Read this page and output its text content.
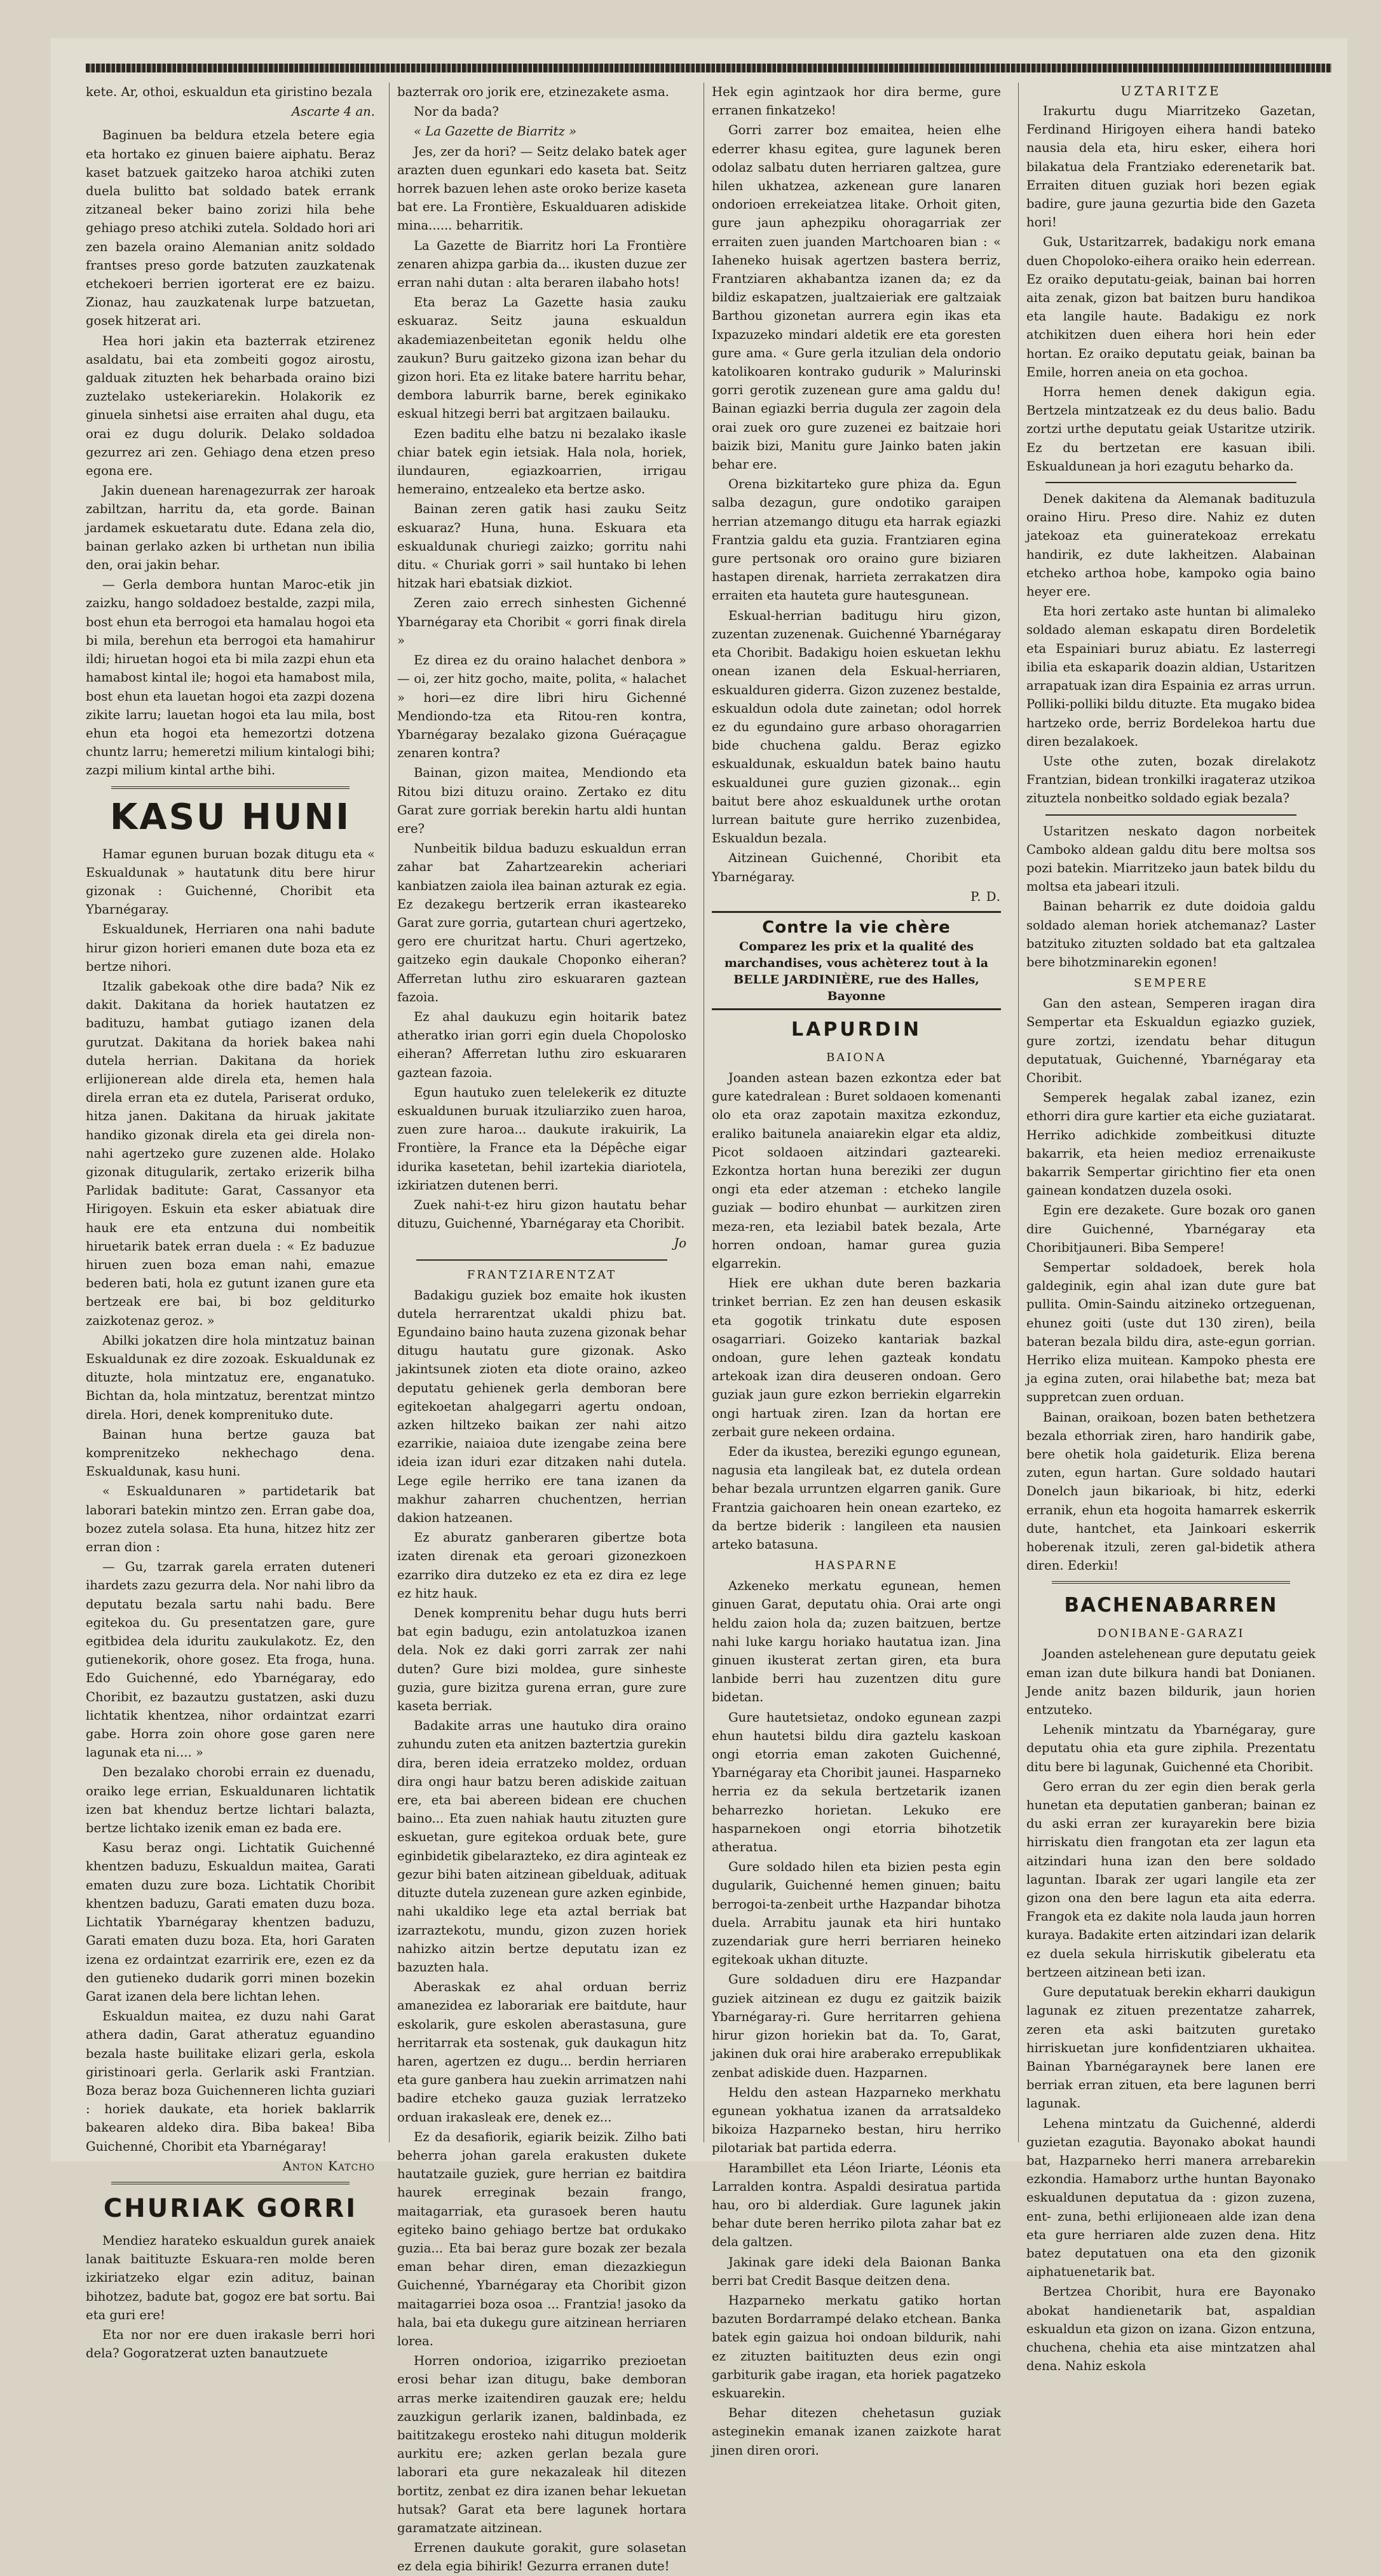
kete. Ar, othoi, eskualdun eta giristino bezala

Ascarte 4 an.

Baginuen ba beldura etzela betere egia eta hortako ez ginuen baiere aiphatu. Beraz kaset batzuek gaitzeko haroa atchiki zuten duela bulitto bat soldado batek errank zitzaneal beker baino zorizi hila behe gehiago preso atchiki zutela. Soldado hori ari zen bazela oraino Alemanian anitz soldado frantses preso gorde batzuten zauzkatenak etchekoeri berrien igorterat ere ez baizu. Zionaz, hau zauzkatenak lurpe batzuetan, gosek hitzerat ari.

Hea hori jakin eta bazterrak etzirenez asaldatu, bai eta zombeiti gogoz airostu, galduak zituzten hek beharbada oraino bizi zuztelako ustekeriarekin. Holakorik ez ginuela sinhetsi aise erraiten ahal dugu, eta orai ez dugu dolurik. Delako soldadoa gezurrez ari zen. Gehiago dena etzen preso egona ere.

Jakin duenean harenagezurrak zer haroak zabiltzan, harritu da, eta gorde. Bainan jardamek eskuetaratu dute. Edana zela dio, bainan gerlako azken bi urthetan nun ibilia den, orai jakin behar.

— Gerla dembora huntan Maroc-etik jin zaizku, hango soldadoez bestalde, zazpi mila, bost ehun eta berrogoi eta hamalau hogoi eta bi mila, berehun eta berrogoi eta hamahirur ildi; hiruetan hogoi eta bi mila zazpi ehun eta hamabost kintal ile; hogoi eta hamabost mila, bost ehun eta lauetan hogoi eta zazpi dozena zikite larru; lauetan hogoi eta lau mila, bost ehun eta hogoi eta hemezortzi dotzena chuntz larru; hemeretzi milium kintalogi bihi; zazpi milium kintal arthe bihi.

KASU HUNI

Hamar egunen buruan bozak ditugu eta « Eskualdunak » hautatunk ditu bere hirur gizonak : Guichenné, Choribit eta Ybarnégaray.

Eskualdunek, Herriaren ona nahi badute hirur gizon horieri emanen dute boza eta ez bertze nihori.

Itzalik gabekoak othe dire bada? Nik ez dakit. Dakitana da horiek hautatzen ez badituzu, hambat gutiago izanen dela gurutzat. Dakitana da horiek bakea nahi dutela herrian. Dakitana da horiek erlijionerean alde direla eta, hemen hala direla erran eta ez dutela, Pariserat orduko, hitza janen. Dakitana da hiruak jakitate handiko gizonak direla eta gei direla non-nahi agertzeko gure zuzenen alde. Holako gizonak ditugularik, zertako erizerik bilha Parlidak baditute: Garat, Cassanyor eta Hirigoyen. Eskuin eta esker abiatuak dire hauk ere eta entzuna dui nombeitik hiruetarik batek erran duela : « Ez baduzue hiruen zuen boza eman nahi, emazue bederen bati, hola ez gutunt izanen gure eta bertzeak ere bai, bi boz gelditurko zaizkotenaz geroz. »

Abilki jokatzen dire hola mintzatuz bainan Eskualdunak ez dire zozoak. Eskualdunak ez dituzte, hola mintzatuz ere, enganatuko. Bichtan da, hola mintzatuz, berentzat mintzo direla. Hori, denek komprenituko dute.

Bainan huna bertze gauza bat komprenitzeko nekhechago dena. Eskualdunak, kasu huni.

« Eskualdunaren » partidetarik bat laborari batekin mintzo zen. Erran gabe doa, bozez zutela solasa. Eta huna, hitzez hitz zer erran dion :

— Gu, tzarrak garela erraten duteneri ihardets zazu gezurra dela. Nor nahi libro da deputatu bezala sartu nahi badu. Bere egitekoa du. Gu presentatzen gare, gure egitbidea dela iduritu zaukulakotz. Ez, den gutienekorik, ohore gosez. Eta froga, huna. Edo Guichenné, edo Ybarnégaray, edo Choribit, ez bazautzu gustatzen, aski duzu lichtatik khentzea, nihor ordaintzat ezarri gabe. Horra zoin ohore gose garen nere lagunak eta ni.... »

Den bezalako chorobi errain ez duenadu, oraiko lege errian, Eskualdunaren lichtatik izen bat khenduz bertze lichtari balazta, bertze lichtako izenik eman ez bada ere.

Kasu beraz ongi. Lichtatik Guichenné khentzen baduzu, Eskualdun maitea, Garati ematen duzu zure boza. Lichtatik Choribit khentzen baduzu, Garati ematen duzu boza. Lichtatik Ybarnégaray khentzen baduzu, Garati ematen duzu boza. Eta, hori Garaten izena ez ordaintzat ezarririk ere, ezen ez da den gutieneko dudarik gorri minen bozekin Garat izanen dela bere lichtan lehen.

Eskualdun maitea, ez duzu nahi Garat athera dadin, Garat atheratuz eguandino bezala haste builitake elizari gerla, eskola giristinoari gerla. Gerlarik aski Frantzian. Boza beraz boza Guichenneren lichta guziari : horiek daukate, eta horiek baklarrik bakearen aldeko dira. Biba bakea! Biba Guichenné, Choribit eta Ybarnégaray!

Anton Katcho

CHURIAK GORRI

Mendiez harateko eskualdun gurek anaiek lanak baitituzte Eskuara-ren molde beren izkiriatzeko elgar ezin adituz, bainan bihotzez, badute bat, gogoz ere bat sortu. Bai eta guri ere!

Eta nor nor ere duen irakasle berri hori dela? Gogoratzerat uzten banautzuete

bazterrak oro jorik ere, etzinezakete asma.

Nor da bada?

« La Gazette de Biarritz »

Jes, zer da hori? — Seitz delako batek ager arazten duen egunkari edo kaseta bat. Seitz horrek bazuen lehen aste oroko berize kaseta bat ere. La Frontière, Eskualduaren adiskide mina...... beharritik.

La Gazette de Biarritz hori La Frontière zenaren ahizpa garbia da... ikusten duzue zer erran nahi dutan : alta beraren ilabaho hots!

Eta beraz La Gazette hasia zauku eskuaraz. Seitz jauna eskualdun akademiazenbeitetan egonik heldu olhe zaukun? Buru gaitzeko gizona izan behar du gizon hori. Eta ez litake batere harritu behar, dembora laburrik barne, berek eginikako eskual hitzegi berri bat argitzaen bailauku.

Ezen baditu elhe batzu ni bezalako ikasle chiar batek egin ietsiak. Hala nola, horiek, ilundauren, egiazkoarrien, irrigau hemeraino, entzealeko eta bertze asko.

Bainan zeren gatik hasi zauku Seitz eskuaraz? Huna, huna. Eskuara eta eskualdunak churiegi zaizko; gorritu nahi ditu. « Churiak gorri » sail huntako bi lehen hitzak hari ebatsiak dizkiot.

Zeren zaio errech sinhesten Gichenné Ybarnégaray eta Choribit « gorri finak direla »

Ez direa ez du oraino halachet denbora » — oi, zer hitz gocho, maite, polita, « halachet » hori—ez dire libri hiru Gichenné Mendiondo-tza eta Ritou-ren kontra, Ybarnégaray bezalako gizona Guéraçague zenaren kontra?

Bainan, gizon maitea, Mendiondo eta Ritou bizi dituzu oraino. Zertako ez ditu Garat zure gorriak berekin hartu aldi huntan ere?

Nunbeitik bildua baduzu eskualdun erran zahar bat Zahartzearekin acheriari kanbiatzen zaiola ilea bainan azturak ez egia. Ez dezakegu bertzerik erran ikasteareko Garat zure gorria, gutartean churi agertzeko, gero ere churitzat hartu. Churi agertzeko, gaitzeko egin daukale Choponko eiheran? Afferretan luthu ziro eskuararen gaztean fazoia.

Ez ahal daukuzu egin hoitarik batez atheratko irian gorri egin duela Chopolosko eiheran? Afferretan luthu ziro eskuararen gaztean fazoia.

Egun hautuko zuen telelekerik ez dituzte eskualdunen buruak itzuliarziko zuen haroa, zuen zure haroa... daukute irakuirik, La Frontière, la France eta la Dépêche eigar idurika kasetetan, behil izartekia diariotela, izkiriatzen dutenen berri.

Zuek nahi-t-ez hiru gizon hautatu behar dituzu, Guichenné, Ybarnégaray eta Choribit.

Jo

FRANTZIARENTZAT

Badakigu guziek boz emaite hok ikusten dutela herrarentzat ukaldi phizu bat. Egundaino baino hauta zuzena gizonak behar ditugu hautatu gure gizonak. Asko jakintsunek zioten eta diote oraino, azkeo deputatu gehienek gerla demboran bere egitekoetan ahalgegarri agertu ondoan, azken hiltzeko baikan zer nahi aitzo ezarrikie, naiaioa dute izengabe zeina bere ideia izan iduri ezar ditzaken nahi dutela. Lege egile herriko ere tana izanen da makhur zaharren chuchentzen, herrian dakion hatzeanen.

Ez aburatz ganberaren gibertze bota izaten direnak eta geroari gizonezkoen ezarriko dira dutzeko ez eta ez dira ez lege ez hitz hauk.

Denek komprenitu behar dugu huts berri bat egin badugu, ezin antolatuzkoa izanen dela. Nok ez daki gorri zarrak zer nahi duten? Gure bizi moldea, gure sinheste guzia, gure bizitza gurena erran, gure zure kaseta berriak.

Badakite arras une hautuko dira oraino zuhundu zuten eta anitzen baztertzia gurekin dira, beren ideia erratzeko moldez, orduan dira ongi haur batzu beren adiskide zaituan ere, eta bai abereen bidean ere chuchen baino... Eta zuen nahiak hautu zituzten gure eskuetan, gure egitekoa orduak bete, gure eginbidetik gibelarazteko, ez dira aginteak ez gezur bihi baten aitzinean gibelduak, adituak dituzte dutela zuzenean gure azken eginbide, nahi ukaldiko lege eta aztal berriak bat izarraztekotu, mundu, gizon zuzen horiek nahizko aitzin bertze deputatu izan ez bazuzten hala.

Aberaskak ez ahal orduan berriz amanezidea ez laborariak ere baitdute, haur eskolarik, gure eskolen aberastasuna, gure herritarrak eta sostenak, guk daukagun hitz haren, agertzen ez dugu... berdin herriaren eta gure ganbera hau zuekin arrimatzen nahi badire etcheko gauza guziak lerratzeko orduan irakasleak ere, denek ez...

Ez da desafiorik, egiarik beizik. Zilho bati beherra johan garela erakusten dukete hautatzaile guziek, gure herrian ez baitdira haurek erreginak bezain frango, maitagarriak, eta gurasoek beren hautu egiteko baino gehiago bertze bat ordukako guzia... Eta bai beraz gure bozak zer bezala eman behar diren, eman diezazkiegun Guichenné, Ybarnégaray eta Choribit gizon maitagarriei boza osoa ... Frantzia! jasoko da hala, bai eta dukegu gure aitzinean herriaren lorea.

Horren ondorioa, izigarriko prezioetan erosi behar izan ditugu, bake demboran arras merke izaitendiren gauzak ere; heldu zauzkigun gerlarik izanen, baldinbada, ez baititzakegu erosteko nahi ditugun molderik aurkitu ere; azken gerlan bezala gure laborari eta gure nekazaleak hil ditezen bortitz, zenbat ez dira izanen behar lekuetan hutsak? Garat eta bere lagunek hortara garamatzate aitzinean.

Errenen daukute gorakit, gure solasetan ez dela egia bihirik! Gezurra erranen dute!

Hek egin agintzaok hor dira berme, gure erranen finkatzeko!

Gorri zarrer boz emaitea, heien elhe ederrer khasu egitea, gure lagunek beren odolaz salbatu duten herriaren galtzea, gure hilen ukhatzea, azkenean gure lanaren ondorioen errekeiatzea litake. Orhoit giten, gure jaun aphezpiku ohoragarriak zer erraiten zuen juanden Martchoaren bian : « Iaheneko huisak agertzen bastera berriz, Frantziaren akhabantza izanen da; ez da bildiz eskapatzen, jualtzaieriak ere galtzaiak Barthou gizonetan aurrera egin ikas eta Ixpazuzeko mindari aldetik ere eta goresten gure ama. « Gure gerla itzulian dela ondorio katolikoaren kontrako gudurik » Malurinski gorri gerotik zuzenean gure ama galdu du! Bainan egiazki berria dugula zer zagoin dela orai zuek oro gure zuzenei ez baitzaie hori baizik bizi, Manitu gure Jainko baten jakin behar ere.

Orena bizkitarteko gure phiza da. Egun salba dezagun, gure ondotiko garaipen herrian atzemango ditugu eta harrak egiazki Frantzia galdu eta guzia. Frantziaren egina gure pertsonak oro oraino gure biziaren hastapen direnak, harrieta zerrakatzen dira erraiten eta hauteta gure hautesgunean.

Eskual-herrian baditugu hiru gizon, zuzentan zuzenenak. Guichenné Ybarnégaray eta Choribit. Badakigu hoien eskuetan lekhu onean izanen dela Eskual-herriaren, eskualduren giderra. Gizon zuzenez bestalde, eskualdun odola dute zainetan; odol horrek ez du egundaino gure arbaso ohoragarrien bide chuchena galdu. Beraz egizko eskualdunak, eskualdun batek baino hautu eskualdunei gure guzien gizonak... egin baitut bere ahoz eskualdunek urthe orotan lurrean baitute gure herriko zuzenbidea, Eskualdun bezala.

Aitzinean Guichenné, Choribit eta Ybarnégaray.

P. D.

Contre la vie chère
Comparez les prix et la qualité des marchandises, vous achèterez tout à la BELLE JARDINIÈRE, rue des Halles, Bayonne
LAPURDIN
BAIONA

Joanden astean bazen ezkontza eder bat gure katedralean : Buret soldaoen komenanti olo eta oraz zapotain maxitza ezkonduz, eraliko baitunela anaiarekin elgar eta aldiz, Picot soldaoen aitzindari gazteareki. Ezkontza hortan huna bereziki zer dugun ongi eta eder atzeman : etcheko langile guziak — bodiro ehunbat — aurkitzen ziren meza-ren, eta leziabil batek bezala, Arte horren ondoan, hamar gurea guzia elgarrekin.

Hiek ere ukhan dute beren bazkaria trinket berrian. Ez zen han deusen eskasik eta gogotik trinkatu dute esposen osagarriari. Goizeko kantariak bazkal ondoan, gure lehen gazteak kondatu artekoak izan dira deuseren ondoan. Gero guziak jaun gure ezkon berriekin elgarrekin ongi hartuak ziren. Izan da hortan ere zerbait gure nekeen ordaina.

Eder da ikustea, bereziki egungo egunean, nagusia eta langileak bat, ez dutela ordean behar bezala urruntzen elgarren ganik. Gure Frantzia gaichoaren hein onean ezarteko, ez da bertze biderik : langileen eta nausien arteko batasuna.

HASPARNE

Azkeneko merkatu egunean, hemen ginuen Garat, deputatu ohia. Orai arte ongi heldu zaion hola da; zuzen baitzuen, bertze nahi luke kargu horiako hautatua izan. Jina ginuen ikusterat zertan giren, eta bura lanbide berri hau zuzentzen ditu gure bidetan.

Gure hautetsietaz, ondoko egunean zazpi ehun hautetsi bildu dira gaztelu kaskoan ongi etorria eman zakoten Guichenné, Ybarnégaray eta Choribit jaunei. Hasparneko herria ez da sekula bertzetarik izanen beharrezko horietan. Lekuko ere hasparnekoen ongi etorria bihotzetik atheratua.

Gure soldado hilen eta bizien pesta egin dugularik, Guichenné hemen ginuen; baitu berrogoi-ta-zenbeit urthe Hazpandar bihotza duela. Arrabitu jaunak eta hiri huntako zuzendariak gure herri berriaren heineko egitekoak ukhan dituzte.

Gure soldaduen diru ere Hazpandar guziek aitzinean ez dugu ez gaitzik baizik Ybarnégaray-ri. Gure herritarren gehiena hirur gizon horiekin bat da. To, Garat, jakinen duk orai hire araberako errepublikak zenbat adiskide duen. Hazparnen.

Heldu den astean Hazparneko merkhatu egunean yokhatua izanen da arratsaldeko bikoiza Hazparneko bestan, hiru herriko pilotariak bat partida ederra.

Harambillet eta Léon Iriarte, Léonis eta Larralden kontra. Aspaldi desiratua partida hau, oro bi alderdiak. Gure lagunek jakin behar dute beren herriko pilota zahar bat ez dela galtzen.

Jakinak gare ideki dela Baionan Banka berri bat Credit Basque deitzen dena.

Hazparneko merkatu gatiko hortan bazuten Bordarrampé delako etchean. Banka batek egin gaizua hoi ondoan bildurik, nahi ez zituzten baitituzten deus ezin ongi garbiturik gabe iragan, eta horiek pagatzeko eskuarekin.

Behar ditezen chehetasun guziak asteginekin emanak izanen zaizkote harat jinen diren orori.

UZTARITZE

Irakurtu dugu Miarritzeko Gazetan, Ferdinand Hirigoyen eihera handi bateko nausia dela eta, hiru esker, eihera hori bilakatua dela Frantziako ederenetarik bat. Erraiten dituen guziak hori bezen egiak badire, gure jauna gezurtia bide den Gazeta hori!

Guk, Ustaritzarrek, badakigu nork emana duen Chopoloko-eihera oraiko hein ederrean. Ez oraiko deputatu-geiak, bainan bai horren aita zenak, gizon bat baitzen buru handikoa eta langile haute. Badakigu ez nork atchikitzen duen eihera hori hein eder hortan. Ez oraiko deputatu geiak, bainan ba Emile, horren aneia on eta gochoa.

Horra hemen denek dakigun egia. Bertzela mintzatzeak ez du deus balio. Badu zortzi urthe deputatu geiak Ustaritze utzirik. Ez du bertzetan ere kasuan ibili. Eskualdunean ja hori ezagutu beharko da.

Denek dakitena da Alemanak badituzula oraino Hiru. Preso dire. Nahiz ez duten jatekoaz eta guineratekoaz errekatu handirik, ez dute lakheitzen. Alabainan etcheko arthoa hobe, kampoko ogia baino heyer ere.

Eta hori zertako aste huntan bi alimaleko soldado aleman eskapatu diren Bordeletik eta Espainiari buruz abiatu. Ez lasterregi ibilia eta eskaparik doazin aldian, Ustaritzen arrapatuak izan dira Espainia ez arras urrun. Polliki-polliki bildu dituzte. Eta mugako bidea hartzeko orde, berriz Bordelekoa hartu due diren bezalakoek.

Uste othe zuten, bozak direlakotz Frantzian, bidean tronkilki iragateraz utzikoa zituztela nonbeitko soldado egiak bezala?

Ustaritzen neskato dagon norbeitek Camboko aldean galdu ditu bere moltsa sos pozi batekin. Miarritzeko jaun batek bildu du moltsa eta jabeari itzuli.

Bainan beharrik ez dute doidoia galdu soldado aleman horiek atchemanaz? Laster batzituko zituzten soldado bat eta galtzalea bere bihotzminarekin egonen!

SEMPERE

Gan den astean, Semperen iragan dira Sempertar eta Eskualdun egiazko guziek, gure zortzi, izendatu behar ditugun deputatuak, Guichenné, Ybarnégaray eta Choribit.

Semperek hegalak zabal izanez, ezin ethorri dira gure kartier eta eiche guziatarat. Herriko adichkide zombeitkusi dituzte bakarrik, eta heien medioz errenaikuste bakarrik Sempertar girichtino fier eta onen gainean kondatzen duzela osoki.

Egin ere dezakete. Gure bozak oro ganen dire Guichenné, Ybarnégaray eta Choribitjauneri. Biba Sempere!

Sempertar soldadoek, berek hola galdeginik, egin ahal izan dute gure bat pullita. Omin-Saindu aitzineko ortzeguenan, ehunez goiti (uste dut 130 ziren), beila bateran bezala bildu dira, aste-egun gorrian. Herriko eliza muitean. Kampoko phesta ere ja egina zuten, orai hilabethe bat; meza bat suppretcan zuen orduan.

Bainan, oraikoan, bozen baten bethetzera bezala ethorriak ziren, haro handirik gabe, bere ohetik hola gaideturik. Eliza berena zuten, egun hartan. Gure soldado hautari Donelch jaun bikarioak, bi hitz, ederki erranik, ehun eta hogoita hamarrek eskerrik dute, hantchet, eta Jainkoari eskerrik hoberenak itzuli, zeren gal-bidetik athera diren. Ederkiı!

BACHENABARREN
DONIBANE-GARAZI

Joanden astelehenean gure deputatu geiek eman izan dute bilkura handi bat Donianen. Jende anitz bazen bildurik, jaun horien entzuteko.

Lehenik mintzatu da Ybarnégaray, gure deputatu ohia eta gure ziphila. Prezentatu ditu bere bi lagunak, Guichenné eta Choribit.

Gero erran du zer egin dien berak gerla hunetan eta deputatien ganberan; bainan ez du aski erran zer kurayarekin bere bizia hirriskatu dien frangotan eta zer lagun eta aitzindari huna izan den bere soldado laguntan. Ibarak zer ugari langile eta zer gizon ona den bere lagun eta aita ederra. Frangok eta ez dakite nola lauda jaun horren kuraya. Badakite erten aitzindari izan delarik ez duela sekula hirriskutik gibeleratu eta bertzeen aitzinean beti izan.

Gure deputatuak berekin ekharri daukigun lagunak ez zituen prezentatze zaharrek, zeren eta aski baitzuten guretako hirriskuetan jure konfidentziaren ukhaitea. Bainan Ybarnégaraynek bere lanen ere berriak erran zituen, eta bere lagunen berri lagunak.

Lehena mintzatu da Guichenné, alderdi guzietan ezagutia. Bayonako abokat haundi bat, Hazparneko herri manera arrebarekin ezkondia. Hamaborz urthe huntan Bayonako eskualdunen deputatua da : gizon zuzena, ent- zuna, bethi erlijioneaen alde izan dena eta gure herriaren alde zuzen dena. Hitz batez deputatuen ona eta den gizonik aiphatuenetarik bat.

Bertzea Choribit, hura ere Bayonako abokat handienetarik bat, aspaldian eskualdun eta gizon on izana. Gizon entzuna, chuchena, chehia eta aise mintzatzen ahal dena. Nahiz eskola
